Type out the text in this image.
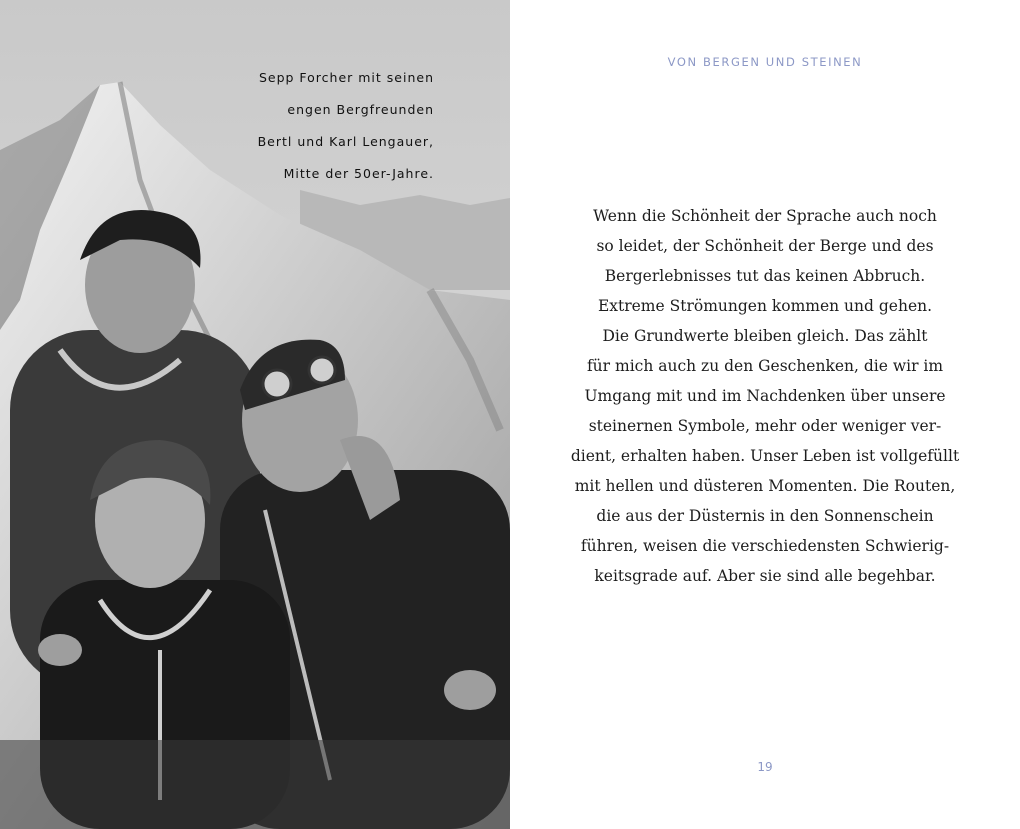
Sepp Forcher mit seinen

engen Bergfreunden

Bertl und Karl Lengauer,

Mitte der 50er-Jahre.

VON BERGEN UND STEINEN
Wenn die Schönheit der Sprache auch noch
so leidet, der Schönheit der Berge und des
Bergerlebnisses tut das keinen Abbruch.
Extreme Strömungen kommen und gehen.
Die Grundwerte bleiben gleich. Das zählt
für mich auch zu den Geschenken, die wir im
Umgang mit und im Nachdenken über unsere
steinernen Symbole, mehr oder weniger ver-
dient, erhalten haben. Unser Leben ist vollgefüllt
mit hellen und düsteren Momenten. Die Routen,
die aus der Düsternis in den Sonnenschein
führen, weisen die verschiedensten Schwierig-
keitsgrade auf. Aber sie sind alle begehbar.
19
